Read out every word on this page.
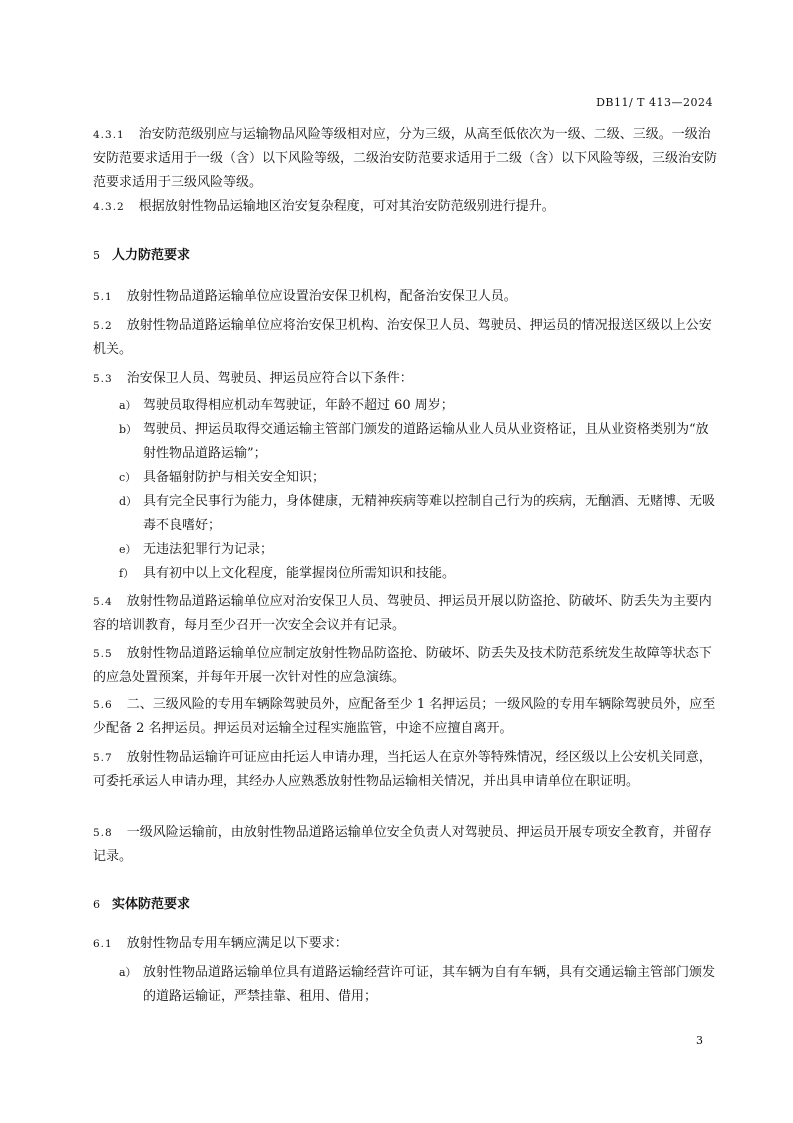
DB11/ T 413—2024
4.3.1 治安防范级别应与运输物品风险等级相对应，分为三级，从高至低依次为一级、二级、三级。一级治安防范要求适用于一级（含）以下风险等级，二级治安防范要求适用于二级（含）以下风险等级，三级治安防范要求适用于三级风险等级。
4.3.2 根据放射性物品运输地区治安复杂程度，可对其治安防范级别进行提升。
5 人力防范要求
5.1 放射性物品道路运输单位应设置治安保卫机构，配备治安保卫人员。
5.2 放射性物品道路运输单位应将治安保卫机构、治安保卫人员、驾驶员、押运员的情况报送区级以上公安机关。
5.3 治安保卫人员、驾驶员、押运员应符合以下条件：
a） 驾驶员取得相应机动车驾驶证，年龄不超过 60 周岁；
b） 驾驶员、押运员取得交通运输主管部门颁发的道路运输从业人员从业资格证，且从业资格类别为“放射性物品道路运输”；
c） 具备辐射防护与相关安全知识；
d） 具有完全民事行为能力，身体健康，无精神疾病等难以控制自己行为的疾病，无酗酒、无赌博、无吸毒不良嗜好；
e） 无违法犯罪行为记录；
f） 具有初中以上文化程度，能掌握岗位所需知识和技能。
5.4 放射性物品道路运输单位应对治安保卫人员、驾驶员、押运员开展以防盗抢、防破坏、防丢失为主要内容的培训教育，每月至少召开一次安全会议并有记录。
5.5 放射性物品道路运输单位应制定放射性物品防盗抢、防破坏、防丢失及技术防范系统发生故障等状态下的应急处置预案，并每年开展一次针对性的应急演练。
5.6 二、三级风险的专用车辆除驾驶员外，应配备至少 1 名押运员；一级风险的专用车辆除驾驶员外，应至少配备 2 名押运员。押运员对运输全过程实施监管，中途不应擅自离开。
5.7 放射性物品运输许可证应由托运人申请办理，当托运人在京外等特殊情况，经区级以上公安机关同意，可委托承运人申请办理，其经办人应熟悉放射性物品运输相关情况，并出具申请单位在职证明。
5.8 一级风险运输前，由放射性物品道路运输单位安全负责人对驾驶员、押运员开展专项安全教育，并留存记录。
6 实体防范要求
6.1 放射性物品专用车辆应满足以下要求：
a） 放射性物品道路运输单位具有道路运输经营许可证，其车辆为自有车辆，具有交通运输主管部门颁发的道路运输证，严禁挂靠、租用、借用；
3
